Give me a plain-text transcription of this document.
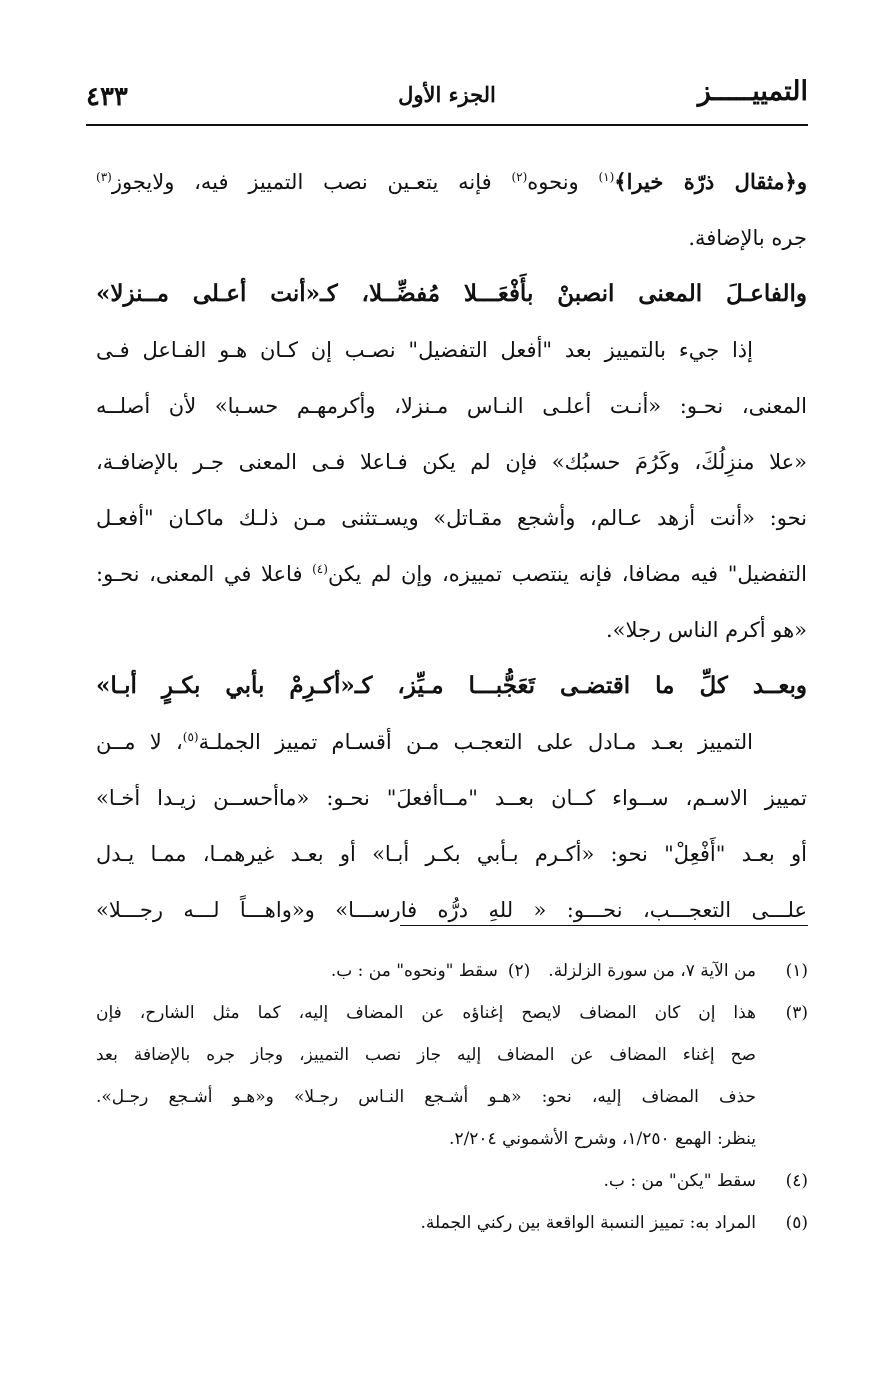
التمييـــــز
الجزء الأول
٤٣٣
و﴿مثقال ذرّة خيرا﴾$^{(١)}$ ونحوه$^{(٢)}$ فإنه يتعـين نصب التمييز فيه، ولايجوز$^{(٣)}$
جره بالإضافة.
والفاعـلَ المعنى انصبنْ بأَفْعَـــلا مُفضِّــلا، كـ«أنت أعـلى مــنزلا»
إذا جيء بالتمييز بعد "أفعل التفضيل" نصـب إن كـان هـو الفـاعل فـى
المعنى، نحـو: «أنـت أعلـى النـاس مـنزلا، وأكرمهـم حسـبا» لأن أصلــه
«علا منزِلُكَ، وكَرُمَ حسبُك» فإن لم يكن فـاعلا فـى المعنى جـر بالإضافـة،
نحو: «أنت أزهد عـالم، وأشجع مقـاتل» ويسـتثنى مـن ذلـك ماكـان "أفعـل
التفضيل" فيه مضافا، فإنه ينتصب تمييزه، وإن لم يكن$^{(٤)}$ فاعلا في المعنى، نحـو:
«هو أكرم الناس رجلا».
وبعــد كلِّ ما اقتضـى تَعَجُّبـــا مـيِّز، كـ«أكـرِمْ بأبي بكـرٍ أبـا»
التمييز بعـد مـادل على التعجـب مـن أقسـام تمييز الجملـة$^{(٥)}$، لا مــن
تمييز الاسـم، ســواء كــان بعــد "مــاأفعلَ" نحـو: «ماأحســن زيـدا أخـا»
أو بعـد "أَفْعِلْ" نحو: «أكـرم بـأبي بكـر أبـا» أو بعـد غيرهمـا، ممـا يـدل
علـــى التعجـــب، نحـــو: « للهِ درُّه فارســـا» و«واهـــاً لـــه رجـــلا»
(١)
من الآية ٧، من سورة الزلزلة.(٢)سقط "ونحوه" من : ب.
(٣)
هذا إن كان المضاف لايصح إغناؤه عن المضاف إليه، كما مثل الشارح، فإن
صح إغناء المضاف عن المضاف إليه جاز نصب التمييز، وجاز جره بالإضافة بعد
حذف المضاف إليه، نحو: «هـو أشـجع النـاس رجـلا» و«هـو أشـجع رجـل».
ينظر: الهمع ١/٢٥٠، وشرح الأشموني ٢/٢٠٤.
(٤)
سقط "يكن" من : ب.
(٥)
المراد به: تمييز النسبة الواقعة بين ركني الجملة.
